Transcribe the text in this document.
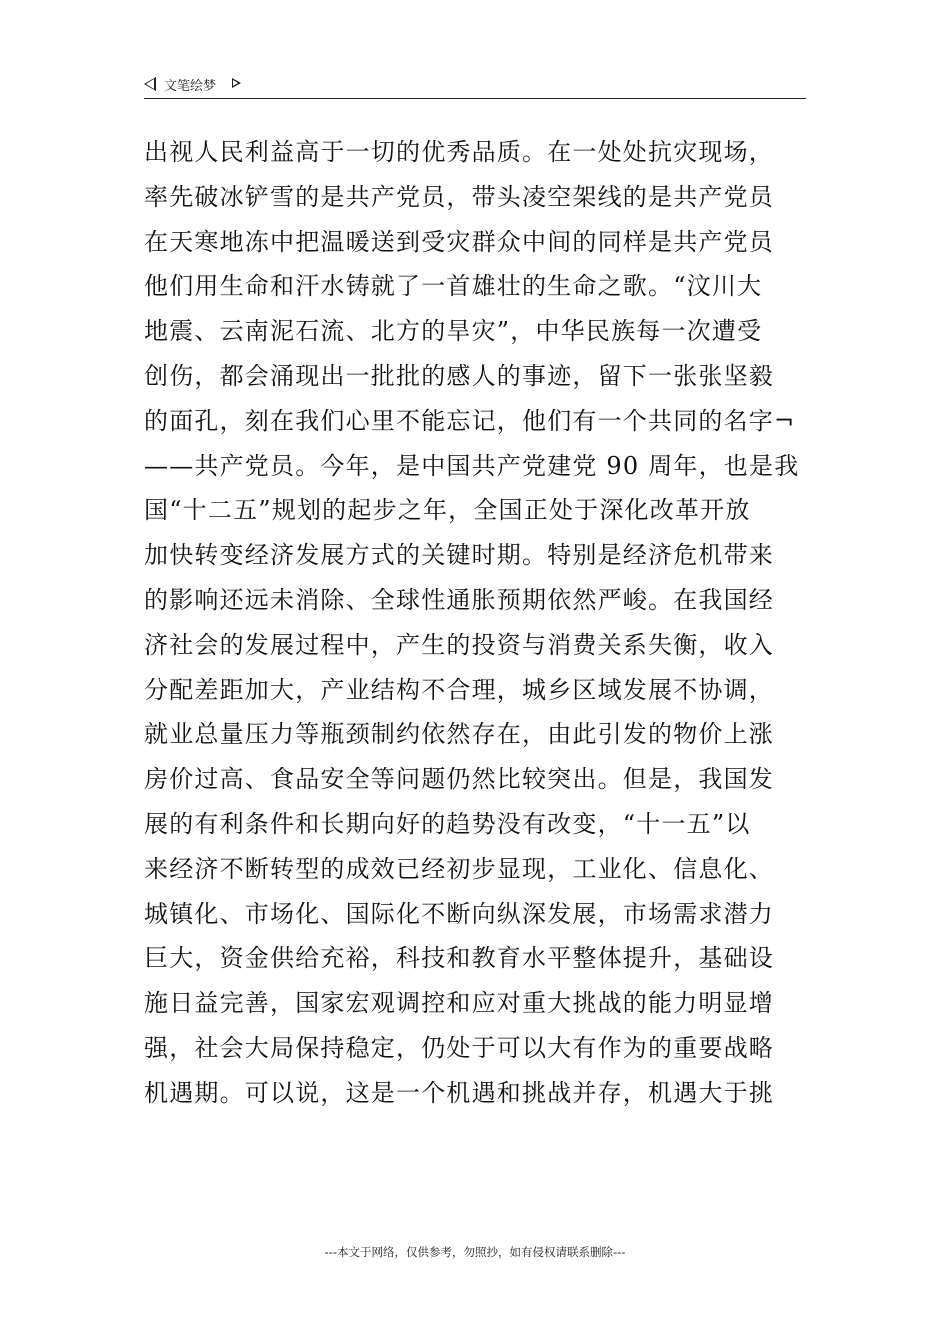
文笔绘梦
出视人民利益高于一切的优秀品质。在一处处抗灾现场，
率先破冰铲雪的是共产党员，带头凌空架线的是共产党员
在天寒地冻中把温暖送到受灾群众中间的同样是共产党员
他们用生命和汗水铸就了一首雄壮的生命之歌。“汶川大
地震、云南泥石流、北方的旱灾”，中华民族每一次遭受
创伤，都会涌现出一批批的感人的事迹，留下一张张坚毅
的面孔，刻在我们心里不能忘记，他们有一个共同的名字¬
——共产党员。今年，是中国共产党建党 90 周年，也是我
国“十二五”规划的起步之年，全国正处于深化改革开放
加快转变经济发展方式的关键时期。特别是经济危机带来
的影响还远未消除、全球性通胀预期依然严峻。在我国经
济社会的发展过程中，产生的投资与消费关系失衡，收入
分配差距加大，产业结构不合理，城乡区域发展不协调，
就业总量压力等瓶颈制约依然存在，由此引发的物价上涨
房价过高、食品安全等问题仍然比较突出。但是，我国发
展的有利条件和长期向好的趋势没有改变，“十一五”以
来经济不断转型的成效已经初步显现，工业化、信息化、
城镇化、市场化、国际化不断向纵深发展，市场需求潜力
巨大，资金供给充裕，科技和教育水平整体提升，基础设
施日益完善，国家宏观调控和应对重大挑战的能力明显增
强，社会大局保持稳定，仍处于可以大有作为的重要战略
机遇期。可以说，这是一个机遇和挑战并存，机遇大于挑
---本文于网络，仅供参考，勿照抄，如有侵权请联系删除---
